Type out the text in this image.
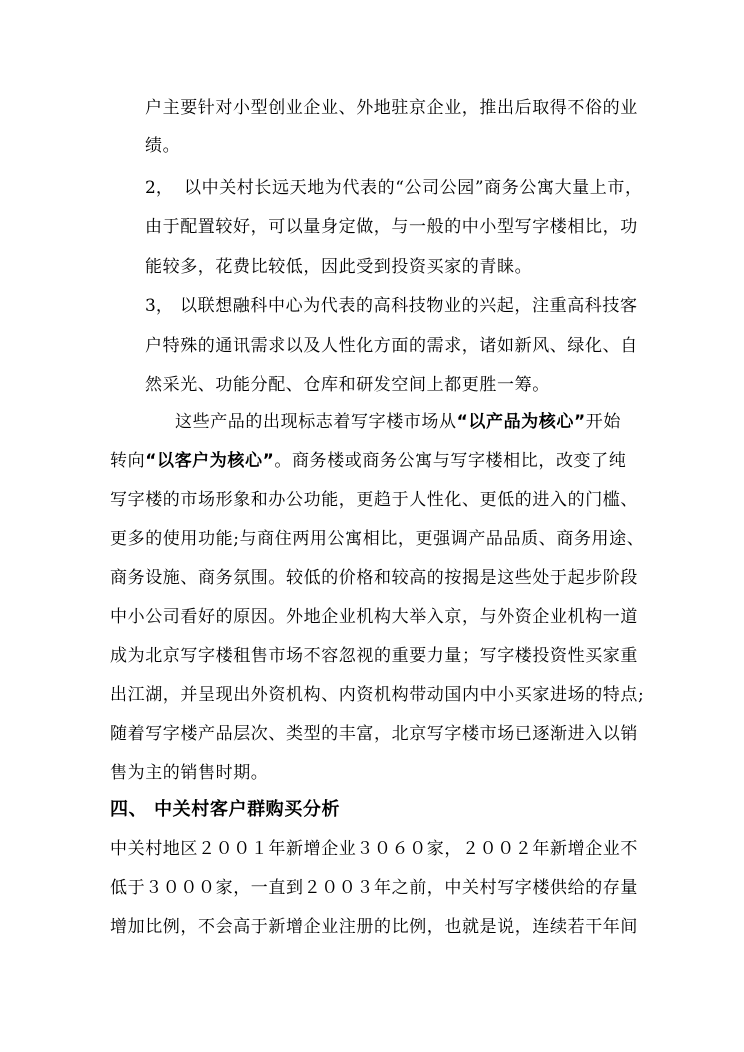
户主要针对小型创业企业、外地驻京企业，推出后取得不俗的业
绩。
2， 以中关村长远天地为代表的“公司公园”商务公寓大量上市，
由于配置较好，可以量身定做，与一般的中小型写字楼相比，功
能较多，花费比较低，因此受到投资买家的青睐。
3， 以联想融科中心为代表的高科技物业的兴起，注重高科技客
户特殊的通讯需求以及人性化方面的需求，诸如新风、绿化、自
然采光、功能分配、仓库和研发空间上都更胜一筹。
这些产品的出现标志着写字楼市场从“以产品为核心”开始
转向“以客户为核心”。商务楼或商务公寓与写字楼相比，改变了纯
写字楼的市场形象和办公功能，更趋于人性化、更低的进入的门槛、
更多的使用功能;与商住两用公寓相比，更强调产品品质、商务用途、
商务设施、商务氛围。较低的价格和较高的按揭是这些处于起步阶段
中小公司看好的原因。外地企业机构大举入京，与外资企业机构一道
成为北京写字楼租售市场不容忽视的重要力量；写字楼投资性买家重
出江湖，并呈现出外资机构、内资机构带动国内中小买家进场的特点;
随着写字楼产品层次、类型的丰富，北京写字楼市场已逐渐进入以销
售为主的销售时期。
四、 中关村客户群购买分析
中关村地区２００１年新增企业３０６０家，２００２年新增企业不
低于３０００家，一直到２００３年之前，中关村写字楼供给的存量
增加比例，不会高于新增企业注册的比例，也就是说，连续若干年间
